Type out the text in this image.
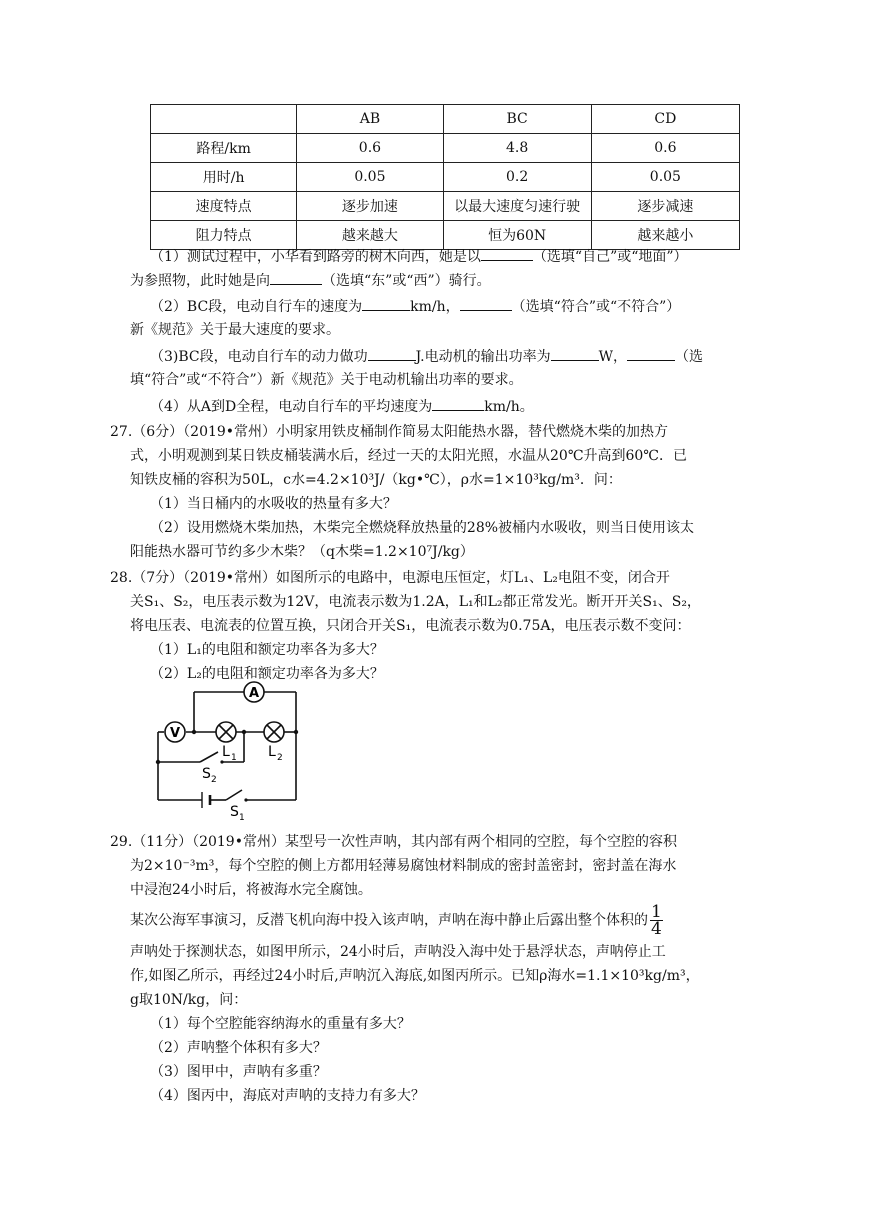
	AB	BC	CD
路程/km	0.6	4.8	0.6
用时/h	0.05	0.2	0.05
速度特点	逐步加速	以最大速度匀速行驶	逐步减速
阻力特点	越来越大	恒为60N	越来越小
（1）测试过程中，小华看到路旁的树木向西，她是以	（选填“自己”或“地面”）
为参照物，此时她是向	（选填“东”或“西”）骑行。
（2）BC段，电动自行车的速度为	km/h，	（选填“符合”或“不符合”）
新《规范》关于最大速度的要求。
（3)BC段，电动自行车的动力做功	J.电动机的输出功率为	W，	（选
填“符合”或“不符合”）新《规范》关于电动机输出功率的要求。
（4）从A到D全程，电动自行车的平均速度为	km/h。
27.（6分）（2019•常州）小明家用铁皮桶制作简易太阳能热水器，替代燃烧木柴的加热方
式，小明观测到某日铁皮桶装满水后，经过一天的太阳光照，水温从20℃升高到60℃．已
知铁皮桶的容积为50L，c水=4.2×10³J/（kg•℃），ρ水=1×10³kg/m³．问：
（1）当日桶内的水吸收的热量有多大？
（2）设用燃烧木柴加热，木柴完全燃烧释放热量的28%被桶内水吸收，则当日使用该太
阳能热水器可节约多少木柴？（q木柴=1.2×10⁷J/kg）
28.（7分）（2019•常州）如图所示的电路中，电源电压恒定，灯L₁、L₂电阻不变，闭合开
关S₁、S₂，电压表示数为12V，电流表示数为1.2A，L₁和L₂都正常发光。断开开关S₁、S₂，
将电压表、电流表的位置互换，只闭合开关S₁，电流表示数为0.75A，电压表示数不变问：
（1）L₁的电阻和额定功率各为多大？
（2）L₂的电阻和额定功率各为多大？
A
V
L 1 L 2
S 2
S 1
29.（11分）（2019•常州）某型号一次性声呐，其内部有两个相同的空腔，每个空腔的容积
为2×10⁻³m³，每个空腔的侧上方都用轻薄易腐蚀材料制成的密封盖密封，密封盖在海水
中浸泡24小时后，将被海水完全腐蚀。
某次公海军事演习，反潜飞机向海中投入该声呐，声呐在海中静止后露出整个体积的 $\frac{1}{4}$
声呐处于探测状态，如图甲所示，24小时后，声呐没入海中处于悬浮状态，声呐停止工
作,如图乙所示，再经过24小时后,声呐沉入海底,如图丙所示。已知ρ海水=1.1×10³kg/m³，
g取10N/kg，问：
（1）每个空腔能容纳海水的重量有多大？
（2）声呐整个体积有多大？
（3）图甲中，声呐有多重？
（4）图丙中，海底对声呐的支持力有多大？
